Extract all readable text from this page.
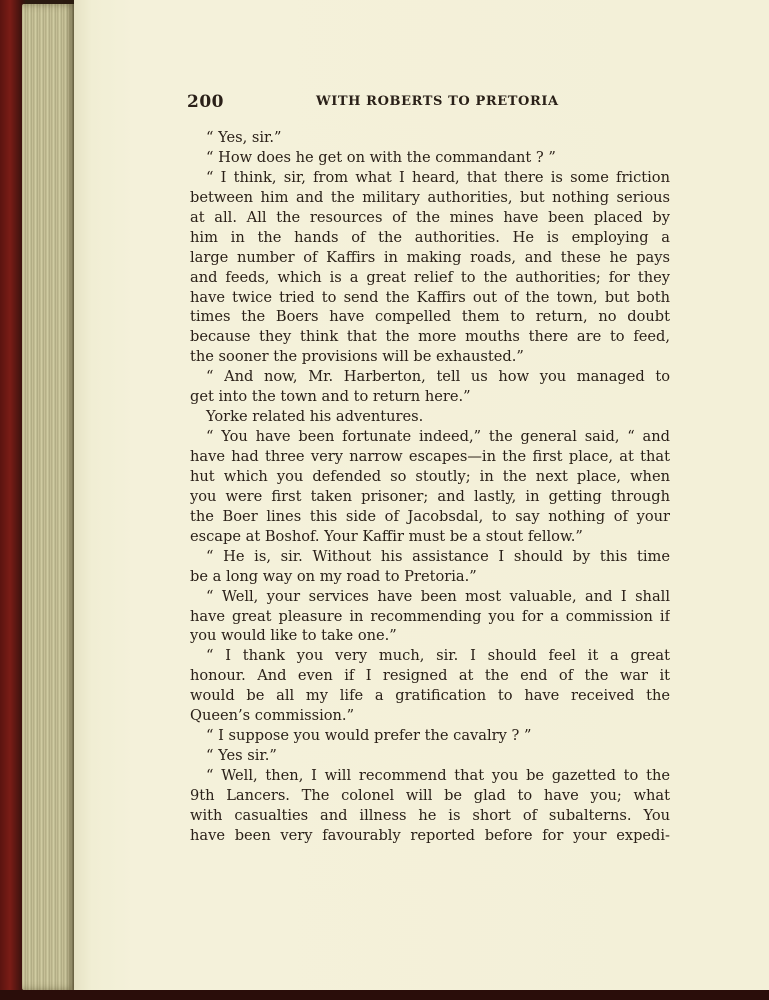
200	WITH ROBERTS TO PRETORIA
“ Yes, sir.”
“ How does he get on with the commandant ? ”
“ I think, sir, from what I heard, that there is some friction
between him and the military authorities, but nothing serious
at all. All the resources of the mines have been placed by
him in the hands of the authorities. He is employing a
large number of Kaffirs in making roads, and these he pays
and feeds, which is a great relief to the authorities; for they
have twice tried to send the Kaffirs out of the town, but both
times the Boers have compelled them to return, no doubt
because they think that the more mouths there are to feed,
the sooner the provisions will be exhausted.”
“ And now, Mr. Harberton, tell us how you managed to
get into the town and to return here.”
Yorke related his adventures.
“ You have been fortunate indeed,” the general said, “ and
have had three very narrow escapes—in the first place, at that
hut which you defended so stoutly; in the next place, when
you were first taken prisoner; and lastly, in getting through
the Boer lines this side of Jacobsdal, to say nothing of your
escape at Boshof. Your Kaffir must be a stout fellow.”
“ He is, sir. Without his assistance I should by this time
be a long way on my road to Pretoria.”
“ Well, your services have been most valuable, and I shall
have great pleasure in recommending you for a commission if
you would like to take one.”
“ I thank you very much, sir. I should feel it a great
honour. And even if I resigned at the end of the war it
would be all my life a gratification to have received the
Queen’s commission.”
“ I suppose you would prefer the cavalry ? ”
“ Yes sir.”
“ Well, then, I will recommend that you be gazetted to the
9th Lancers. The colonel will be glad to have you; what
with casualties and illness he is short of subalterns. You
have been very favourably reported before for your expedi-
